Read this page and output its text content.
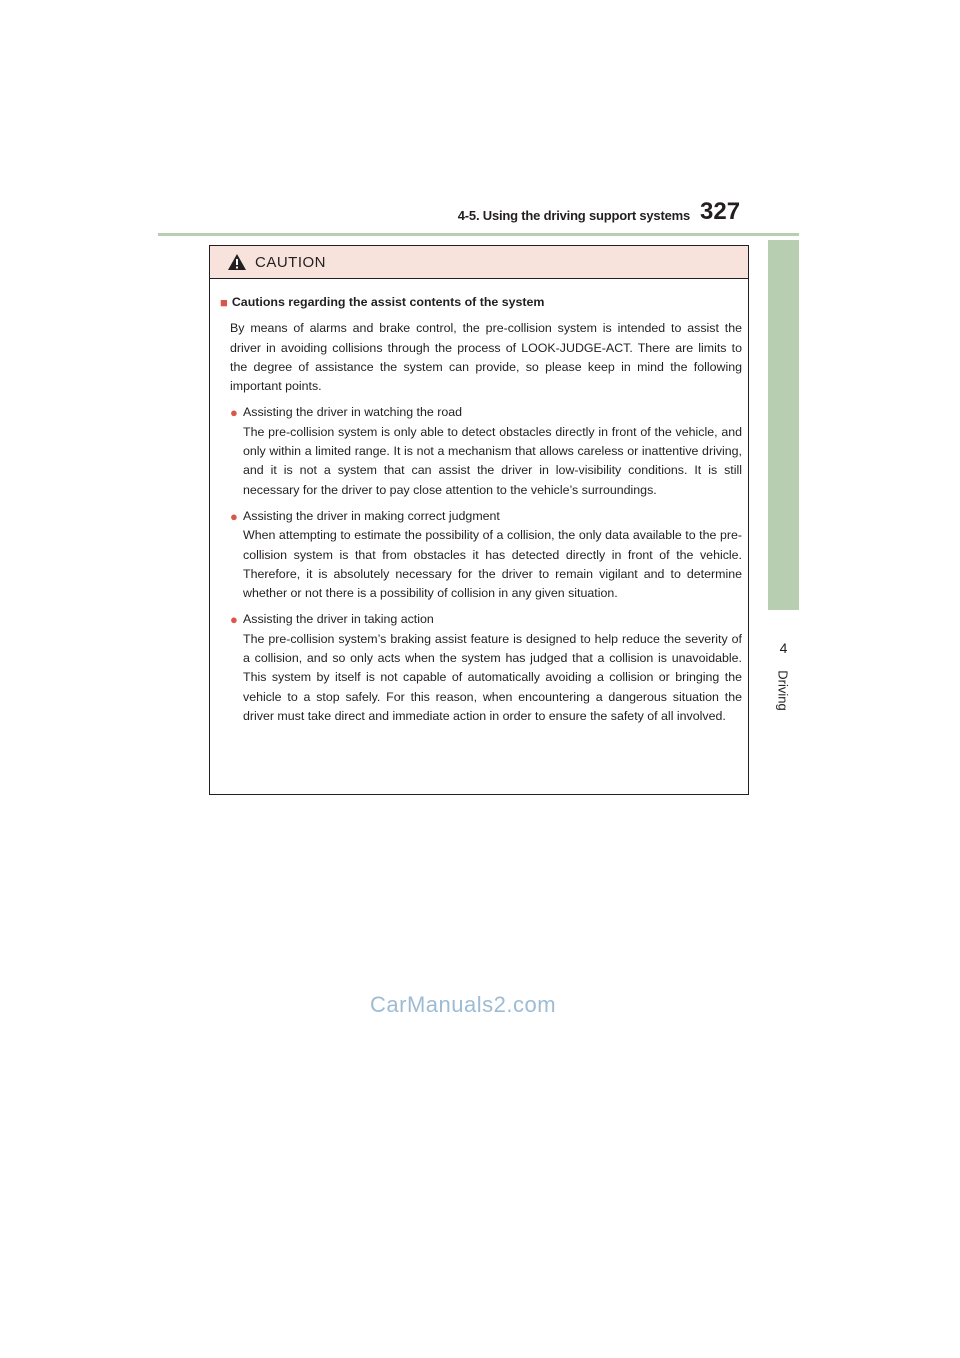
4-5. Using the driving support systems 327
4
Driving
CAUTION
■ Cautions regarding the assist contents of the system
By means of alarms and brake control, the pre-collision system is intended to assist the driver in avoiding collisions through the process of LOOK-JUDGE-ACT. There are limits to the degree of assistance the system can provide, so please keep in mind the following important points.
● Assisting the driver in watching the road
The pre-collision system is only able to detect obstacles directly in front of the vehicle, and only within a limited range. It is not a mechanism that allows careless or inattentive driving, and it is not a system that can assist the driver in low-visibility conditions. It is still necessary for the driver to pay close attention to the vehicle’s surroundings.
● Assisting the driver in making correct judgment
When attempting to estimate the possibility of a collision, the only data available to the pre-collision system is that from obstacles it has detected directly in front of the vehicle. Therefore, it is absolutely necessary for the driver to remain vigilant and to determine whether or not there is a possibility of collision in any given situation.
● Assisting the driver in taking action
The pre-collision system’s braking assist feature is designed to help reduce the severity of a collision, and so only acts when the system has judged that a collision is unavoidable. This system by itself is not capable of automatically avoiding a collision or bringing the vehicle to a stop safely. For this reason, when encountering a dangerous situation the driver must take direct and immediate action in order to ensure the safety of all involved.
CarManuals2.com
